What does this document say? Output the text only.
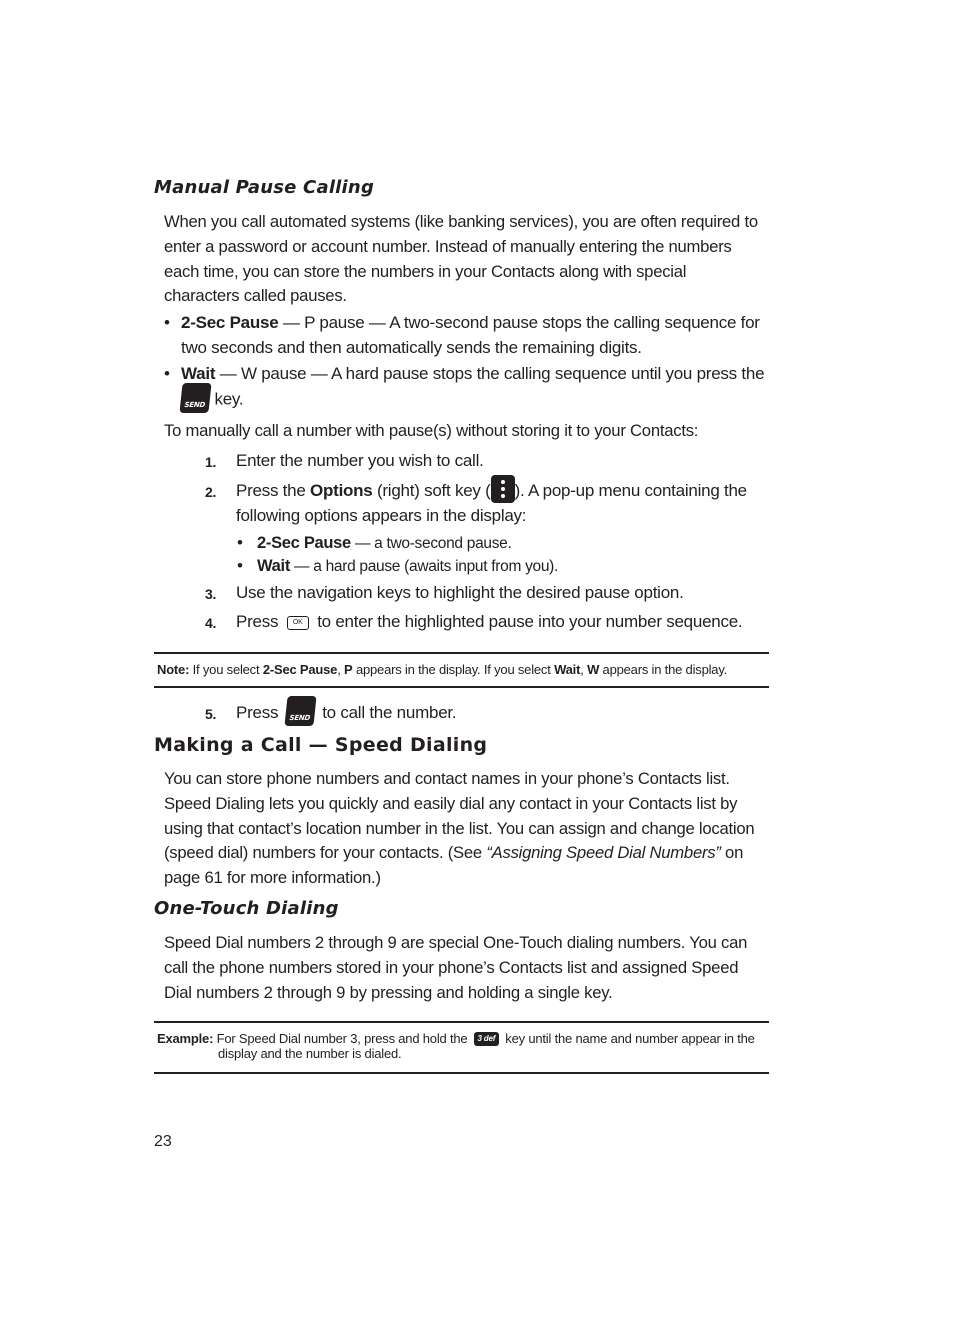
Manual Pause Calling

When you call automated systems (like banking services), you are often required to enter a password or account number. Instead of manually entering the numbers each time, you can store the numbers in your Contacts along with special characters called pauses.

• 2-Sec Pause — P pause — A two-second pause stops the calling sequence for two seconds and then automatically sends the remaining digits.
• Wait — W pause — A hard pause stops the calling sequence until you press the

SEND key.

To manually call a number with pause(s) without storing it to your Contacts:

1. Enter the number you wish to call.
2. Press the Options (right) soft key ( ). A pop-up menu containing the
following options appears in the display:
• 2-Sec Pause — a two-second pause.
• Wait — a hard pause (awaits input from you).
3. Use the navigation keys to highlight the desired pause option.
4. Press OK to enter the highlighted pause into your number sequence.
Note: If you select 2-Sec Pause, P appears in the display. If you select Wait, W appears in the display.
5. Press	SEND to call the number.
Making a Call — Speed Dialing

You can store phone numbers and contact names in your phone’s Contacts list. Speed Dialing lets you quickly and easily dial any contact in your Contacts list by using that contact’s location number in the list. You can assign and change location (speed dial) numbers for your contacts. (See “Assigning Speed Dial Numbers” on page 61 for more information.)

One-Touch Dialing

Speed Dial numbers 2 through 9 are special One-Touch dialing numbers. You can call the phone numbers stored in your phone’s Contacts list and assigned Speed Dial numbers 2 through 9 by pressing and holding a single key.

Example: For Speed Dial number 3, press and hold the 3 def key until the name and number appear in the
display and the number is dialed.
23
